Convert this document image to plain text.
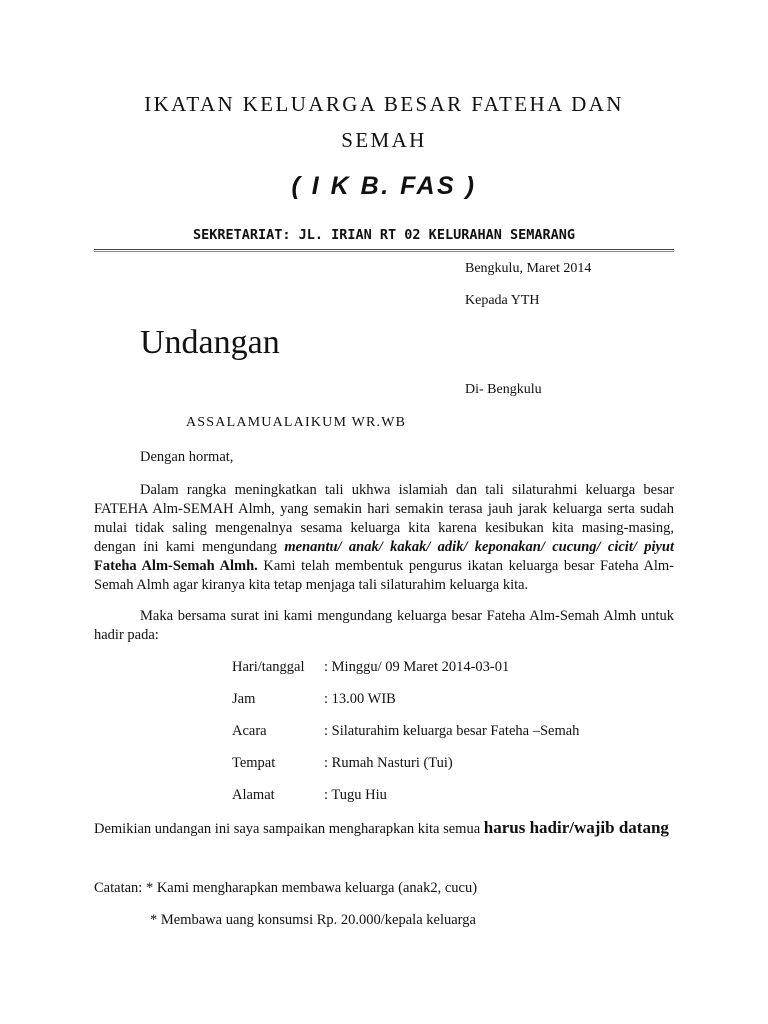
IKATAN KELUARGA BESAR FATEHA DAN
SEMAH
( I K B. FAS )
SEKRETARIAT: JL. IRIAN RT 02 KELURAHAN SEMARANG
Bengkulu, Maret 2014
Kepada YTH
Undangan
Di- Bengkulu
ASSALAMUALAIKUM WR.WB
Dengan hormat,
Dalam rangka meningkatkan tali ukhwa islamiah dan tali silaturahmi keluarga besar FATEHA Alm-SEMAH Almh, yang semakin hari semakin terasa jauh jarak keluarga serta sudah mulai tidak saling mengenalnya sesama keluarga kita karena kesibukan kita masing-masing, dengan ini kami mengundang menantu/ anak/ kakak/ adik/ keponakan/ cucung/ cicit/ piyut Fateha Alm-Semah Almh. Kami telah membentuk pengurus ikatan keluarga besar Fateha Alm-Semah Almh agar kiranya kita tetap menjaga tali silaturahim keluarga kita.
Maka bersama surat ini kami mengundang keluarga besar Fateha Alm-Semah Almh untuk hadir pada:
Hari/tanggal : Minggu/ 09 Maret 2014-03-01
Jam	: 13.00 WIB
Acara	: Silaturahim keluarga besar Fateha –Semah
Tempat	: Rumah Nasturi (Tui)
Alamat	: Tugu Hiu
Demikian undangan ini saya sampaikan mengharapkan kita semua harus hadir/wajib datang
Catatan: * Kami mengharapkan membawa keluarga (anak2, cucu)
* Membawa uang konsumsi Rp. 20.000/kepala keluarga
